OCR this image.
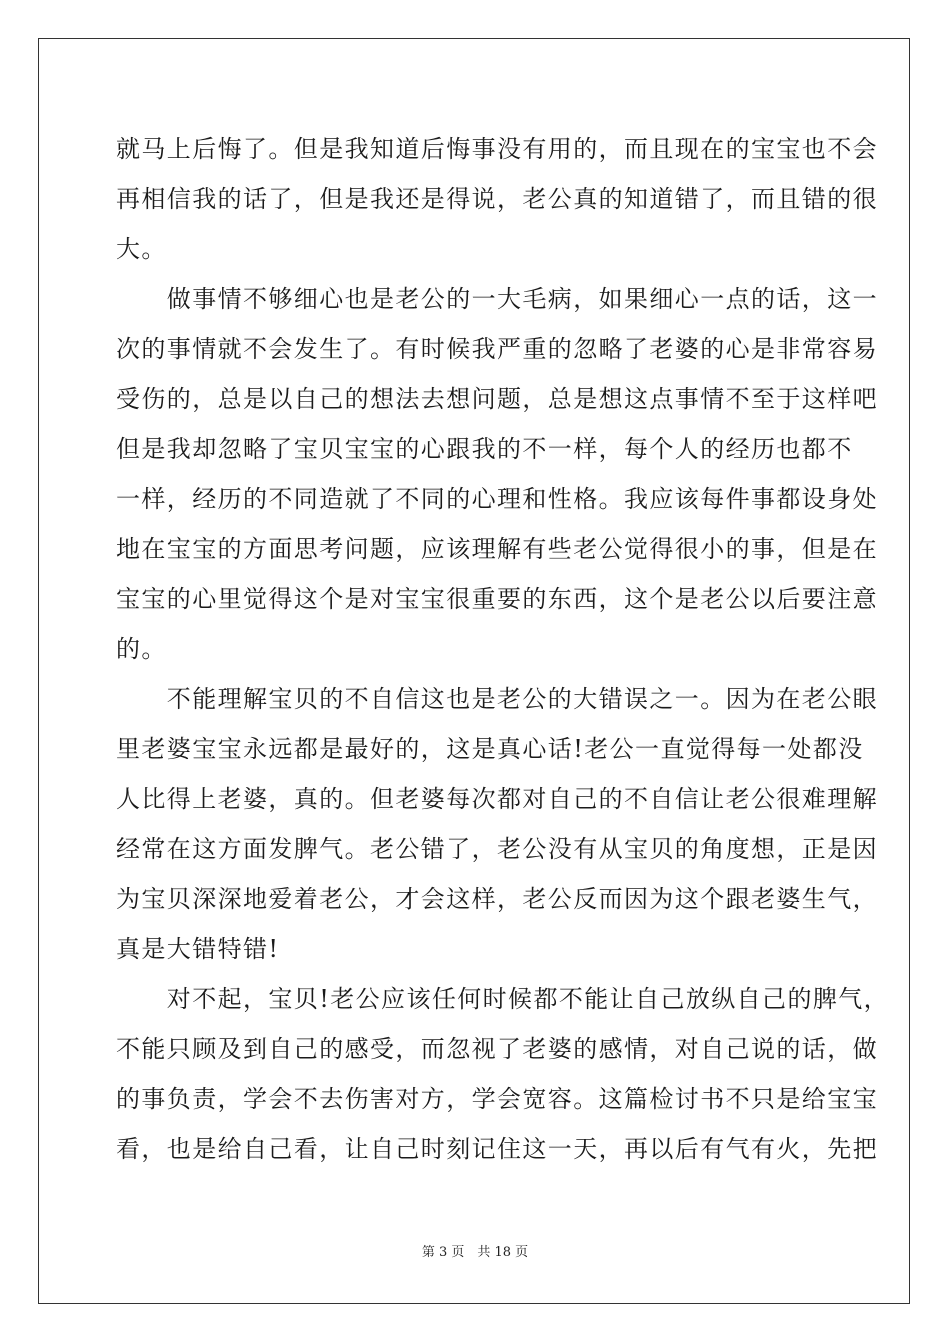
就马上后悔了。但是我知道后悔事没有用的，而且现在的宝宝也不会
再相信我的话了，但是我还是得说，老公真的知道错了，而且错的很
大。
　　做事情不够细心也是老公的一大毛病，如果细心一点的话，这一
次的事情就不会发生了。有时候我严重的忽略了老婆的心是非常容易
受伤的，总是以自己的想法去想问题，总是想这点事情不至于这样吧
但是我却忽略了宝贝宝宝的心跟我的不一样，每个人的经历也都不
一样，经历的不同造就了不同的心理和性格。我应该每件事都设身处
地在宝宝的方面思考问题，应该理解有些老公觉得很小的事，但是在
宝宝的心里觉得这个是对宝宝很重要的东西，这个是老公以后要注意
的。
　　不能理解宝贝的不自信这也是老公的大错误之一。因为在老公眼
里老婆宝宝永远都是最好的，这是真心话!老公一直觉得每一处都没
人比得上老婆，真的。但老婆每次都对自己的不自信让老公很难理解
经常在这方面发脾气。老公错了，老公没有从宝贝的角度想，正是因
为宝贝深深地爱着老公，才会这样，老公反而因为这个跟老婆生气，
真是大错特错!
　　对不起，宝贝!老公应该任何时候都不能让自己放纵自己的脾气，
不能只顾及到自己的感受，而忽视了老婆的感情，对自己说的话，做
的事负责，学会不去伤害对方，学会宽容。这篇检讨书不只是给宝宝
看，也是给自己看，让自己时刻记住这一天，再以后有气有火，先把
第 3 页　共 18 页
